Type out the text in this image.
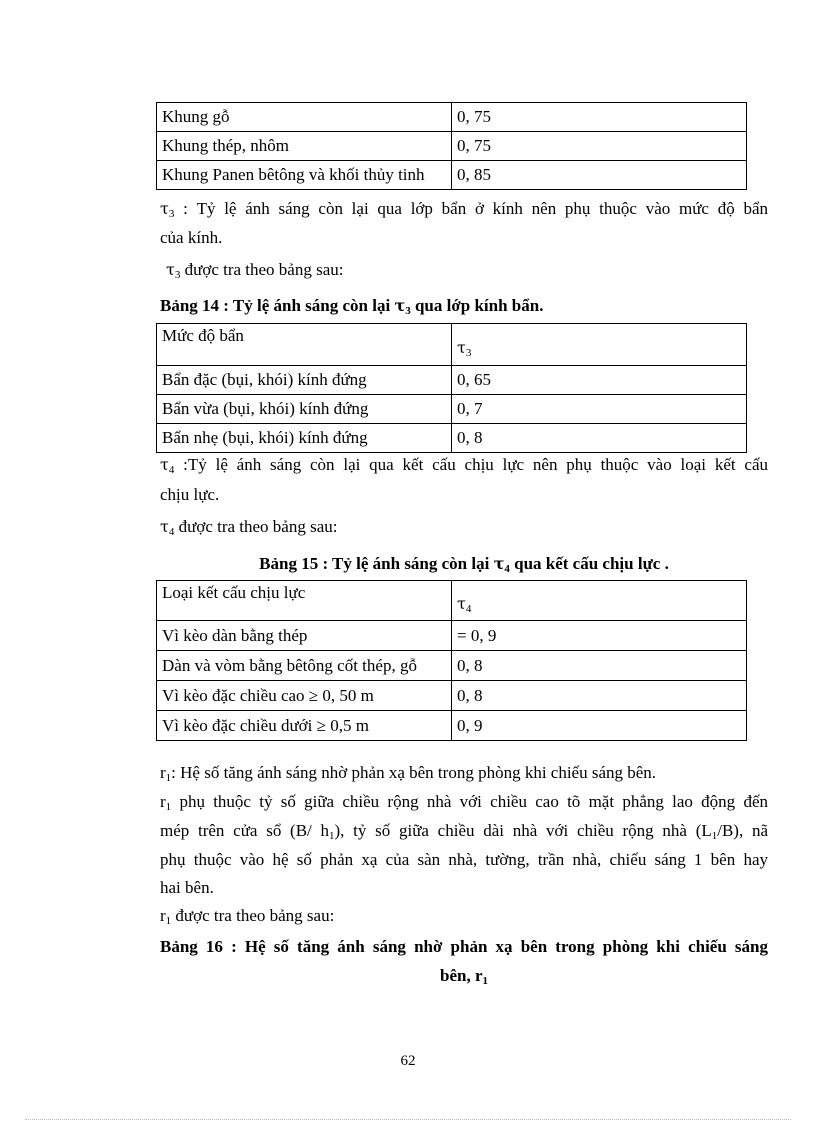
Khung gỗ	0, 75
Khung thép, nhôm	0, 75
Khung Panen bêtông và khối thủy tinh	0, 85

$\tau_3$ : Tỷ lệ ánh sáng còn lại qua lớp bẩn ở kính nên phụ thuộc vào mức độ bẩn

của kính.

$\tau_3$ được tra theo bảng sau:

Bảng 14 : Tỷ lệ ánh sáng còn lại $\tau_3$ qua lớp kính bẩn.

Mức độ bẩn	$\tau_3$
Bẩn đặc (bụi, khói) kính đứng	0, 65
Bẩn vừa (bụi, khói) kính đứng	0, 7
Bẩn nhẹ (bụi, khói) kính đứng	0, 8

$\tau_4$ :Tỷ lệ ánh sáng còn lại qua kết cấu chịu lực nên phụ thuộc vào loại kết cấu

chịu lực.

$\tau_4$ được tra theo bảng sau:

Bảng 15 : Tỷ lệ ánh sáng còn lại $\tau_4$ qua kết cấu chịu lực .

Loại kết cấu chịu lực	$\tau_4$
Vì kèo dàn bằng thép	= 0, 9
Dàn và vòm bằng bêtông cốt thép, gỗ	0, 8
Vì kèo đặc chiều cao ≥ 0, 50 m	0, 8
Vì kèo đặc chiều dưới ≥ 0,5 m	0, 9

$r_1$: Hệ số tăng ánh sáng nhờ phản xạ bên trong phòng khi chiếu sáng bên.

$r_1$ phụ thuộc tỷ số giữa chiều rộng nhà với chiều cao tõ mặt phẳng lao động đến

mép trên cửa sổ (B/ $h_1$), tỷ số giữa chiều dài nhà với chiều rộng nhà $(L_1/B)$, nã

phụ thuộc vào hệ số phản xạ của sàn nhà, tường, trần nhà, chiếu sáng 1 bên hay

hai bên.

$r_1$ được tra theo bảng sau:

Bảng 16 : Hệ số tăng ánh sáng nhờ phản xạ bên trong phòng khi chiếu sáng

bên, $r_1$

62
